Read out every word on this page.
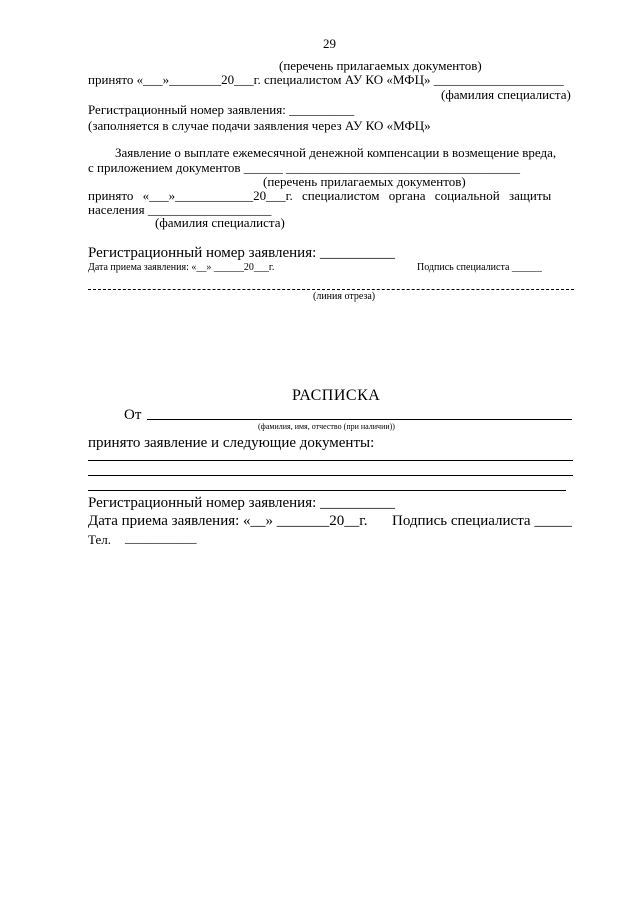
29
(перечень прилагаемых документов)
принято «___»________20___г. специалистом АУ КО «МФЦ» ____________________
(фамилия специалиста)
Регистрационный номер заявления: __________
(заполняется в случае подачи заявления через АУ КО «МФЦ»
Заявление о выплате ежемесячной денежной компенсации в возмещение вреда,
с приложением документов ______ ____________________________________
(перечень прилагаемых документов)
принято «___»____________20___г. специалистом органа социальной защиты
населения ___________________
(фамилия специалиста)
Регистрационный номер заявления: __________
Дата приема заявления: «__» ______20___г.	Подпись специалиста ______
(линия отреза)
РАСПИСКА
От
(фамилия, имя, отчество (при наличии))
принято заявление и следующие документы:
Регистрационный номер заявления: __________
Дата приема заявления: «__» _______20__г. Подпись специалиста _____
Тел. ___________
